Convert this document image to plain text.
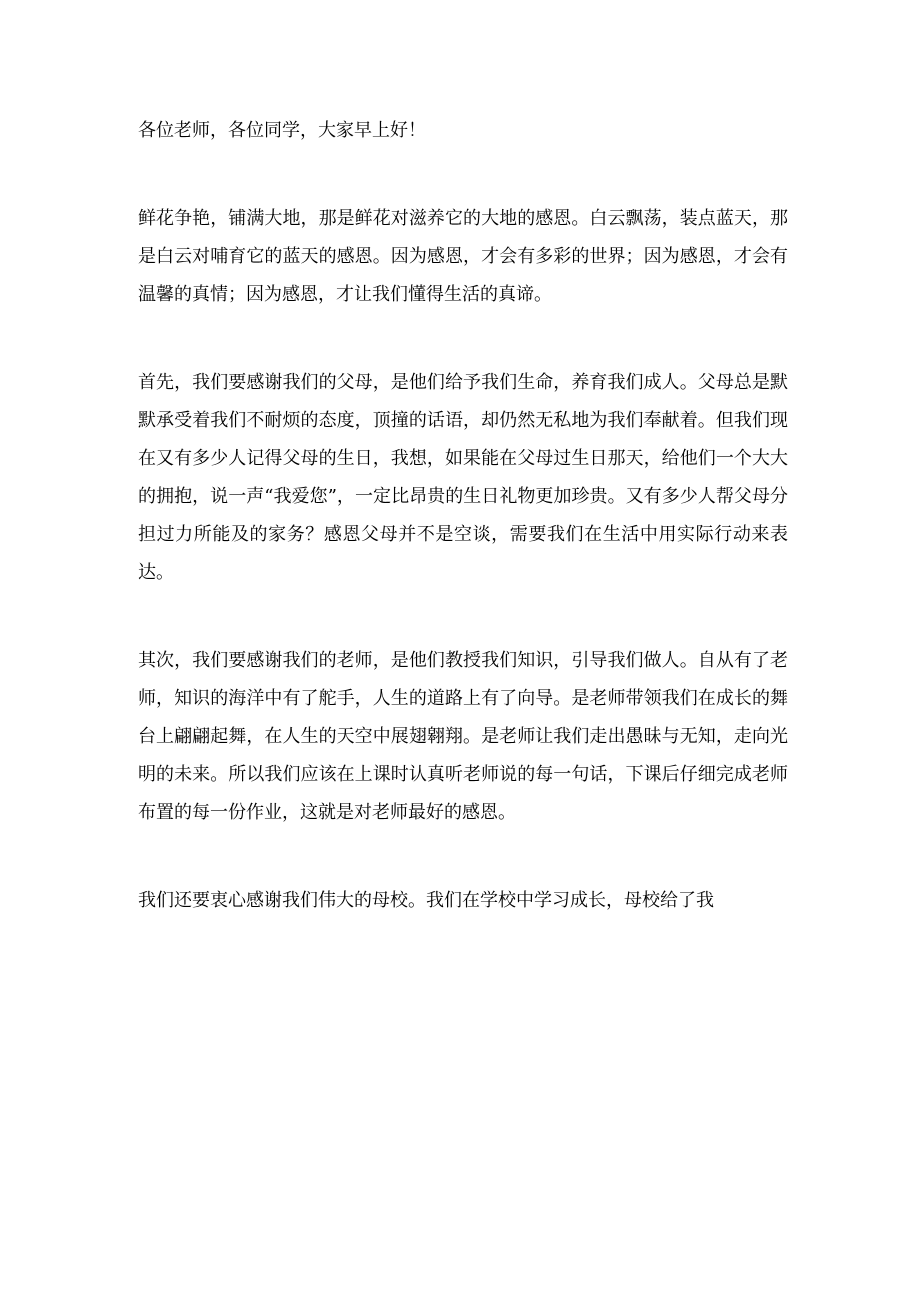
各位老师，各位同学，大家早上好！

鲜花争艳，铺满大地，那是鲜花对滋养它的大地的感恩。白云飘荡，装点蓝天，那是白云对哺育它的蓝天的感恩。因为感恩，才会有多彩的世界；因为感恩，才会有温馨的真情；因为感恩，才让我们懂得生活的真谛。

首先，我们要感谢我们的父母，是他们给予我们生命，养育我们成人。父母总是默默承受着我们不耐烦的态度，顶撞的话语，却仍然无私地为我们奉献着。但我们现在又有多少人记得父母的生日，我想，如果能在父母过生日那天，给他们一个大大的拥抱，说一声“我爱您”，一定比昂贵的生日礼物更加珍贵。又有多少人帮父母分担过力所能及的家务？感恩父母并不是空谈，需要我们在生活中用实际行动来表达。

其次，我们要感谢我们的老师，是他们教授我们知识，引导我们做人。自从有了老师，知识的海洋中有了舵手，人生的道路上有了向导。是老师带领我们在成长的舞台上翩翩起舞，在人生的天空中展翅翱翔。是老师让我们走出愚昧与无知，走向光明的未来。所以我们应该在上课时认真听老师说的每一句话，下课后仔细完成老师布置的每一份作业，这就是对老师最好的感恩。

我们还要衷心感谢我们伟大的母校。我们在学校中学习成长，母校给了我
